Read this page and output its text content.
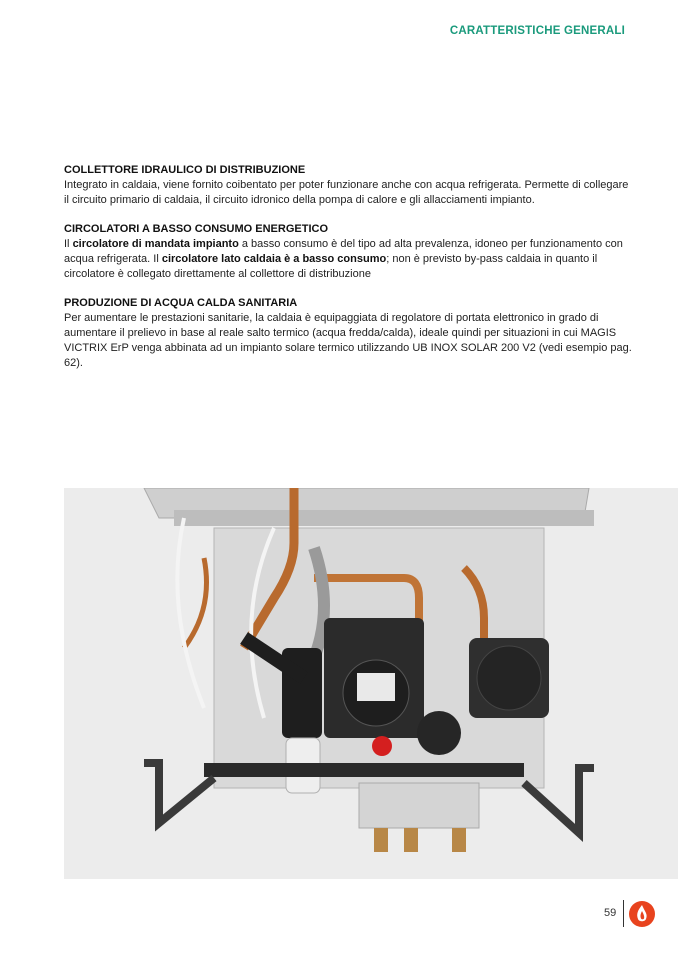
CARATTERISTICHE GENERALI
COLLETTORE IDRAULICO DI DISTRIBUZIONE

Integrato in caldaia, viene fornito coibentato per poter funzionare anche con acqua refrigerata. Permette di collegare il circuito primario di caldaia, il circuito idronico della pompa di calore e gli allacciamenti impianto.

CIRCOLATORI A BASSO CONSUMO ENERGETICO

Il circolatore di mandata impianto a basso consumo è del tipo ad alta prevalenza, idoneo per funzionamento con acqua refrigerata. Il circolatore lato caldaia è a basso consumo; non è previsto by-pass caldaia in quanto il circolatore è collegato direttamente al collettore di distribuzione

PRODUZIONE DI ACQUA CALDA SANITARIA

Per aumentare le prestazioni sanitarie, la caldaia è equipaggiata di regolatore di portata elettronico in grado di aumentare il prelievo in base al reale salto termico (acqua fredda/calda), ideale quindi per situazioni in cui MAGIS VICTRIX ErP venga abbinata ad un impianto solare termico utilizzando UB INOX SOLAR 200 V2 (vedi esempio pag. 62).

59
